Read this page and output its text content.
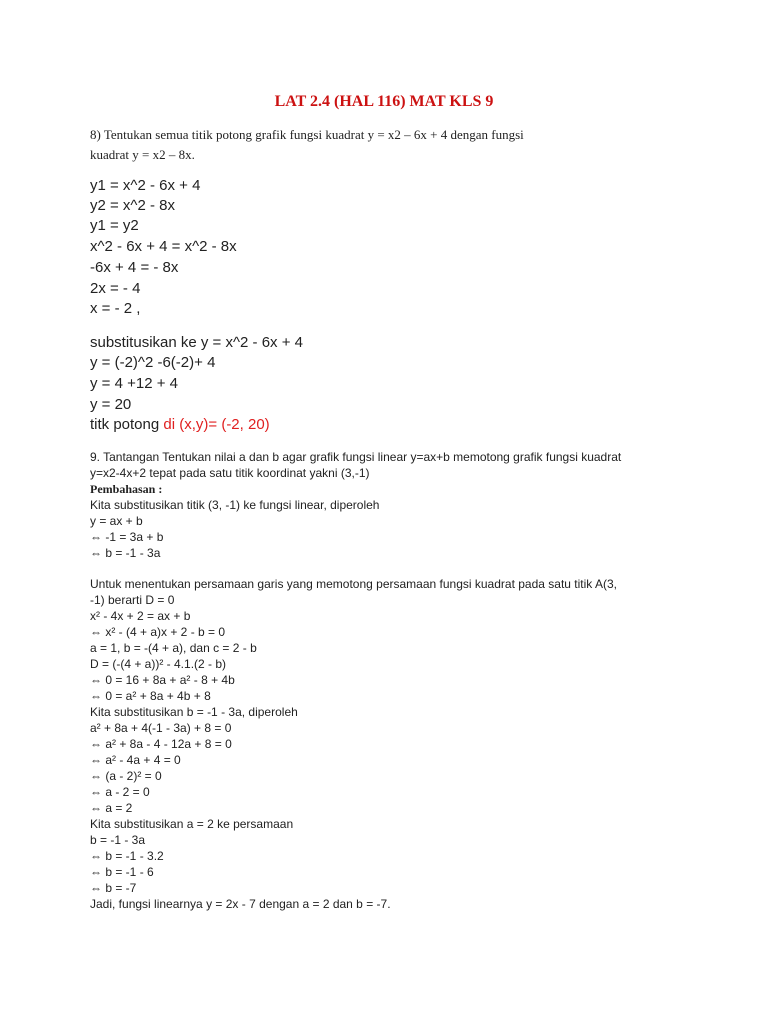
LAT 2.4 (HAL 116) MAT KLS 9
8) Tentukan semua titik potong grafik fungsi kuadrat y = x2 – 6x + 4 dengan fungsi
kuadrat y = x2 – 8x.
y1 = x^2 - 6x + 4
y2 = x^2 - 8x
y1 = y2
x^2 - 6x + 4 = x^2 - 8x
-6x + 4 = - 8x
2x = - 4
x = - 2 ,
substitusikan ke y = x^2 - 6x + 4
y = (-2)^2 -6(-2)+ 4
y = 4 +12 + 4
y = 20
titk potong di (x,y)= (-2, 20)
9. Tantangan Tentukan nilai a dan b agar grafik fungsi linear y=ax+b memotong grafik fungsi kuadrat
y=x2-4x+2 tepat pada satu titik koordinat yakni (3,-1)
Pembahasan :
Kita substitusikan titik (3, -1) ke fungsi linear, diperoleh
y = ax + b
⇔ -1 = 3a + b
⇔ b = -1 - 3a
Untuk menentukan persamaan garis yang memotong persamaan fungsi kuadrat pada satu titik A(3,
-1) berarti D = 0
x² - 4x + 2 = ax + b
⇔ x² - (4 + a)x + 2 - b = 0
a = 1, b = -(4 + a), dan c = 2 - b
D = (-(4 + a))² - 4.1.(2 - b)
⇔ 0 = 16 + 8a + a² - 8 + 4b
⇔ 0 = a² + 8a + 4b + 8
Kita substitusikan b = -1 - 3a, diperoleh
a² + 8a + 4(-1 - 3a) + 8 = 0
⇔ a² + 8a - 4 - 12a + 8 = 0
⇔ a² - 4a + 4 = 0
⇔ (a - 2)² = 0
⇔ a - 2 = 0
⇔ a = 2
Kita substitusikan a = 2 ke persamaan
b = -1 - 3a
⇔ b = -1 - 3.2
⇔ b = -1 - 6
⇔ b = -7
Jadi, fungsi linearnya y = 2x - 7 dengan a = 2 dan b = -7.
